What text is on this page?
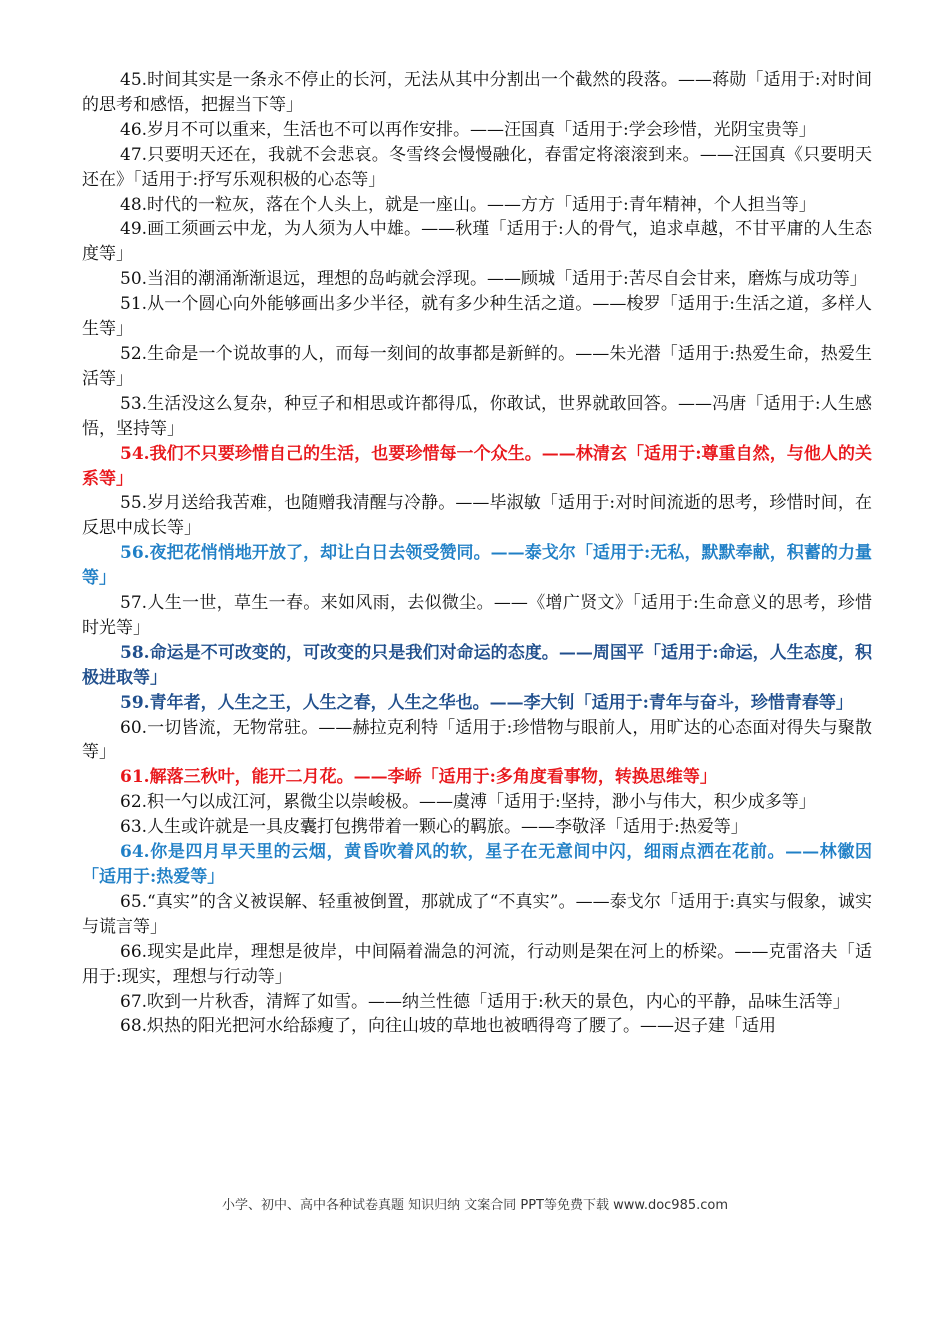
45.时间其实是一条永不停止的长河，无法从其中分割出一个截然的段落。——蒋勋「适用于:对时间的思考和感悟，把握当下等」
46.岁月不可以重来，生活也不可以再作安排。——汪国真「适用于:学会珍惜，光阴宝贵等」
47.只要明天还在，我就不会悲哀。冬雪终会慢慢融化，春雷定将滚滚到来。——汪国真《只要明天还在》「适用于:抒写乐观积极的心态等」
48.时代的一粒灰，落在个人头上，就是一座山。——方方「适用于:青年精神，个人担当等」
49.画工须画云中龙，为人须为人中雄。——秋瑾「适用于:人的骨气，追求卓越，不甘平庸的人生态度等」
50.当泪的潮涌渐渐退远，理想的岛屿就会浮现。——顾城「适用于:苦尽自会甘来，磨炼与成功等」
51.从一个圆心向外能够画出多少半径，就有多少种生活之道。——梭罗「适用于:生活之道，多样人生等」
52.生命是一个说故事的人，而每一刻间的故事都是新鲜的。——朱光潜「适用于:热爱生命，热爱生活等」
53.生活没这么复杂，种豆子和相思或许都得瓜，你敢试，世界就敢回答。——冯唐「适用于:人生感悟，坚持等」
54.我们不只要珍惜自己的生活，也要珍惜每一个众生。——林清玄「适用于:尊重自然，与他人的关系等」
55.岁月送给我苦难，也随赠我清醒与冷静。——毕淑敏「适用于:对时间流逝的思考，珍惜时间，在反思中成长等」
56.夜把花悄悄地开放了，却让白日去领受赞同。——泰戈尔「适用于:无私，默默奉献，积蓄的力量等」
57.人生一世，草生一春。来如风雨，去似微尘。——《增广贤文》「适用于:生命意义的思考，珍惜时光等」
58.命运是不可改变的，可改变的只是我们对命运的态度。——周国平「适用于:命运，人生态度，积极进取等」
59.青年者，人生之王，人生之春，人生之华也。——李大钊「适用于:青年与奋斗，珍惜青春等」
60.一切皆流，无物常驻。——赫拉克利特「适用于:珍惜物与眼前人，用旷达的心态面对得失与聚散等」
61.解落三秋叶，能开二月花。——李峤「适用于:多角度看事物，转换思维等」
62.积一勺以成江河，累微尘以崇峻极。——虞溥「适用于:坚持，渺小与伟大，积少成多等」
63.人生或许就是一具皮囊打包携带着一颗心的羁旅。——李敬泽「适用于:热爱等」
64.你是四月早天里的云烟，黄昏吹着风的软，星子在无意间中闪，细雨点洒在花前。——林徽因「适用于:热爱等」
65.“真实”的含义被误解、轻重被倒置，那就成了“不真实”。——泰戈尔「适用于:真实与假象，诚实与谎言等」
66.现实是此岸，理想是彼岸，中间隔着湍急的河流，行动则是架在河上的桥梁。——克雷洛夫「适用于:现实，理想与行动等」
67.吹到一片秋香，清辉了如雪。——纳兰性德「适用于:秋天的景色，内心的平静，品味生活等」
68.炽热的阳光把河水给舔瘦了，向往山坡的草地也被晒得弯了腰了。——迟子建「适用
小学、初中、高中各种试卷真题 知识归纳 文案合同 PPT等免费下载 www.doc985.com
